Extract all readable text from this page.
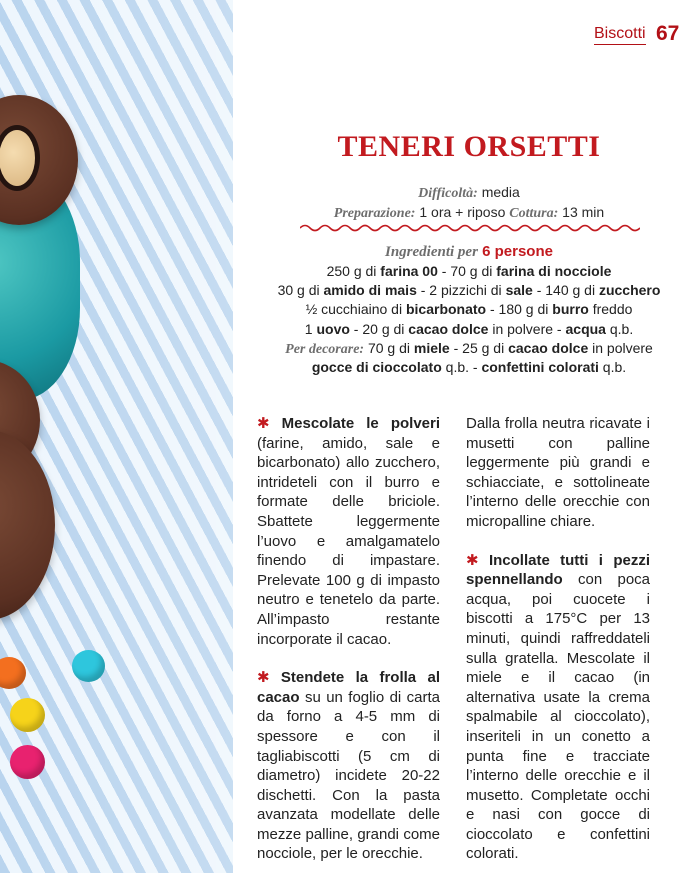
Biscotti 67
TENERI ORSETTI
Difficoltà: media
Preparazione: 1 ora + riposo Cottura: 13 min
Ingredienti per 6 persone
250 g di farina 00 - 70 g di farina di nocciole
30 g di amido di mais - 2 pizzichi di sale - 140 g di zucchero
½ cucchiaino di bicarbonato - 180 g di burro freddo
1 uovo - 20 g di cacao dolce in polvere - acqua q.b.
Per decorare: 70 g di miele - 25 g di cacao dolce in polvere
gocce di cioccolato q.b. - confettini colorati q.b.

✱ Mescolate le polveri (farine, amido, sale e bicarbonato) allo zucchero, intrideteli con il burro e formate delle briciole. Sbattete leggermente l’uovo e amalgamatelo finendo di impastare. Prelevate 100 g di impasto neutro e tenetelo da parte. All’impasto restante incorporate il cacao.

✱ Stendete la frolla al cacao su un foglio di carta da forno a 4-5 mm di spessore e con il tagliabiscotti (5 cm di diametro) incidete 20-22 dischetti. Con la pasta avanzata modellate delle mezze palline, grandi come nocciole, per le orecchie.

Dalla frolla neutra ricavate i musetti con palline leggermente più grandi e schiacciate, e sottolineate l’interno delle orecchie con micropalline chiare.

✱ Incollate tutti i pezzi spennellando con poca acqua, poi cuocete i biscotti a 175°C per 13 minuti, quindi raffreddateli sulla gratella. Mescolate il miele e il cacao (in alternativa usate la crema spalmabile al cioccolato), inseriteli in un conetto a punta fine e tracciate l’interno delle orecchie e il musetto. Completate occhi e nasi con gocce di cioccolato e confettini colorati.
